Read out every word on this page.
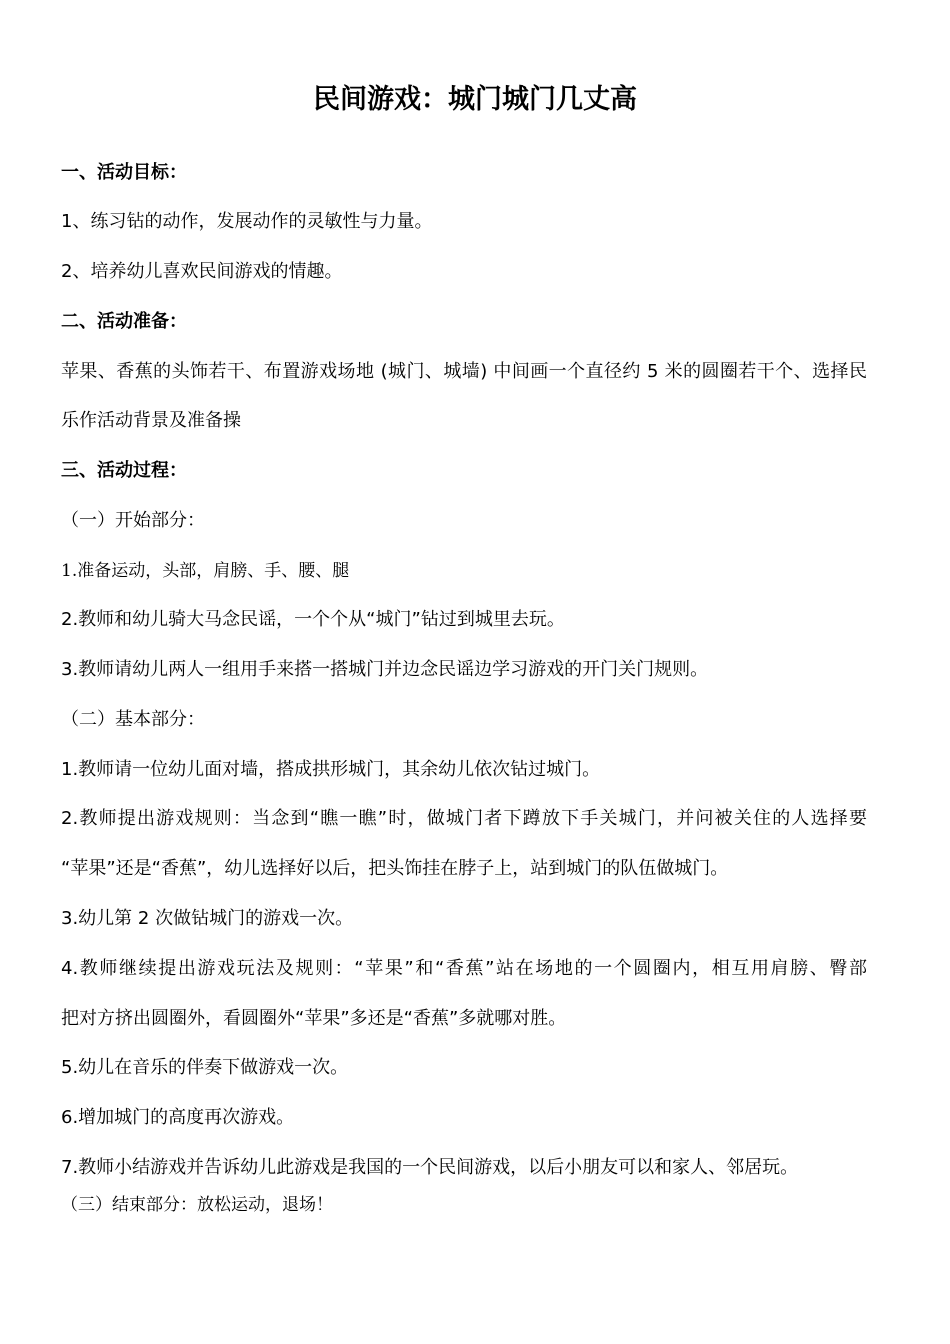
民间游戏：城门城门几丈高
一、活动目标：
1、练习钻的动作，发展动作的灵敏性与力量。
2、培养幼儿喜欢民间游戏的情趣。
二、活动准备：
苹果、香蕉的头饰若干、布置游戏场地 (城门、城墙) 中间画一个直径约 5 米的圆圈若干个、选择民
乐作活动背景及准备操
三、活动过程：
（一）开始部分：
1.准备运动，头部，肩膀、手、腰、腿
2.教师和幼儿骑大马念民谣，一个个从“城门”钻过到城里去玩。
3.教师请幼儿两人一组用手来搭一搭城门并边念民谣边学习游戏的开门关门规则。
（二）基本部分：
1.教师请一位幼儿面对墙，搭成拱形城门，其余幼儿依次钻过城门。
2.教师提出游戏规则：当念到“瞧一瞧”时，做城门者下蹲放下手关城门，并问被关住的人选择要
“苹果”还是“香蕉”，幼儿选择好以后，把头饰挂在脖子上，站到城门的队伍做城门。
3.幼儿第 2 次做钻城门的游戏一次。
4.教师继续提出游戏玩法及规则：“苹果”和“香蕉”站在场地的一个圆圈内，相互用肩膀、臀部
把对方挤出圆圈外，看圆圈外“苹果”多还是“香蕉”多就哪对胜。
5.幼儿在音乐的伴奏下做游戏一次。
6.增加城门的高度再次游戏。
7.教师小结游戏并告诉幼儿此游戏是我国的一个民间游戏，以后小朋友可以和家人、邻居玩。
（三）结束部分：放松运动，退场！
